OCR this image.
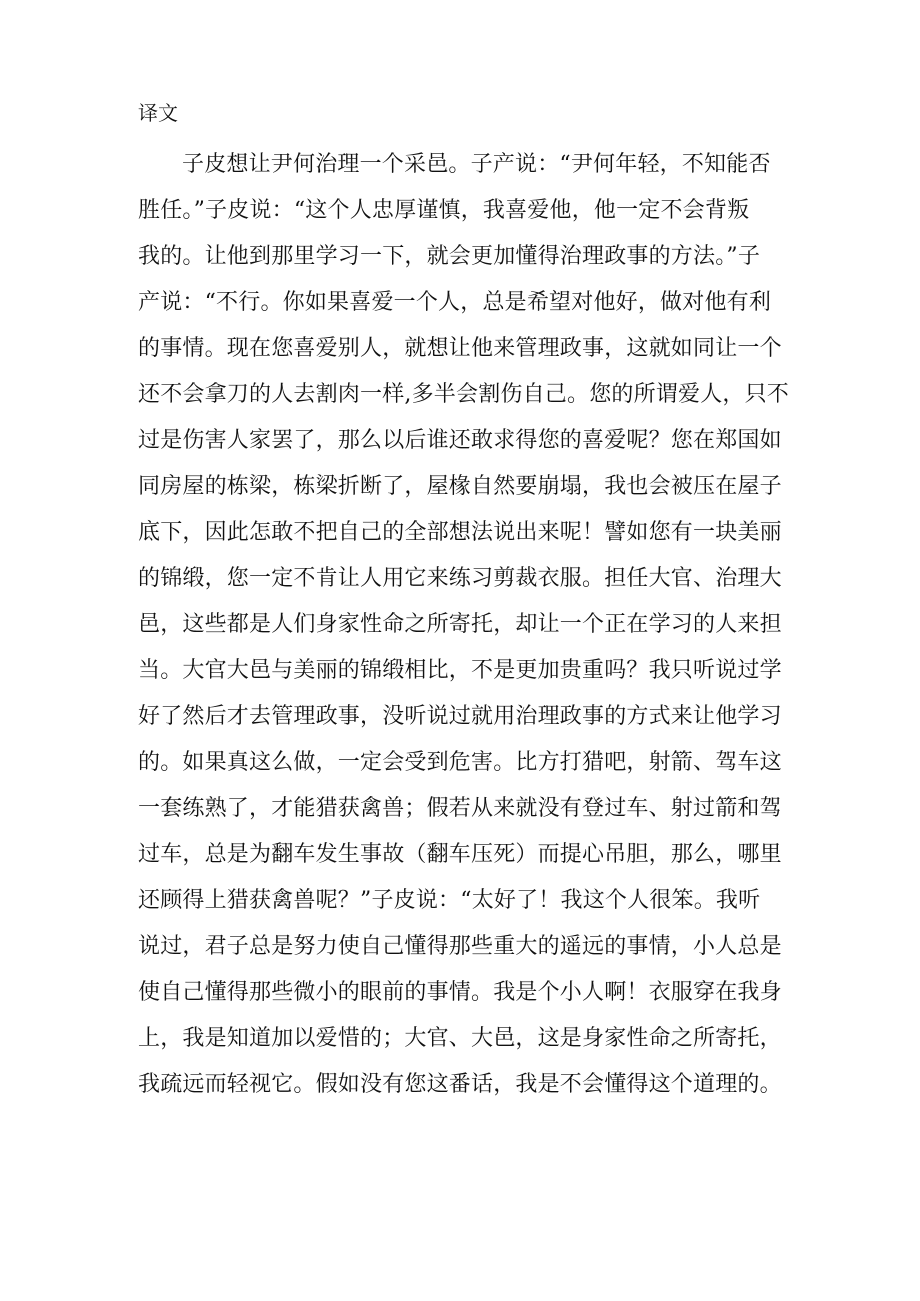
译文
子皮想让尹何治理一个采邑。子产说：“尹何年轻，不知能否
胜任。”子皮说：“这个人忠厚谨慎，我喜爱他，他一定不会背叛
我的。让他到那里学习一下，就会更加懂得治理政事的方法。”子
产说：“不行。你如果喜爱一个人，总是希望对他好，做对他有利
的事情。现在您喜爱别人，就想让他来管理政事，这就如同让一个
还不会拿刀的人去割肉一样,多半会割伤自己。您的所谓爱人，只不
过是伤害人家罢了，那么以后谁还敢求得您的喜爱呢？您在郑国如
同房屋的栋梁，栋梁折断了，屋椽自然要崩塌，我也会被压在屋子
底下，因此怎敢不把自己的全部想法说出来呢！譬如您有一块美丽
的锦缎，您一定不肯让人用它来练习剪裁衣服。担任大官、治理大
邑，这些都是人们身家性命之所寄托，却让一个正在学习的人来担
当。大官大邑与美丽的锦缎相比，不是更加贵重吗？我只听说过学
好了然后才去管理政事，没听说过就用治理政事的方式来让他学习
的。如果真这么做，一定会受到危害。比方打猎吧，射箭、驾车这
一套练熟了，才能猎获禽兽；假若从来就没有登过车、射过箭和驾
过车，总是为翻车发生事故（翻车压死）而提心吊胆，那么，哪里
还顾得上猎获禽兽呢？”子皮说：“太好了！我这个人很笨。我听
说过，君子总是努力使自己懂得那些重大的遥远的事情，小人总是
使自己懂得那些微小的眼前的事情。我是个小人啊！衣服穿在我身
上，我是知道加以爱惜的；大官、大邑，这是身家性命之所寄托，
我疏远而轻视它。假如没有您这番话，我是不会懂得这个道理的。
